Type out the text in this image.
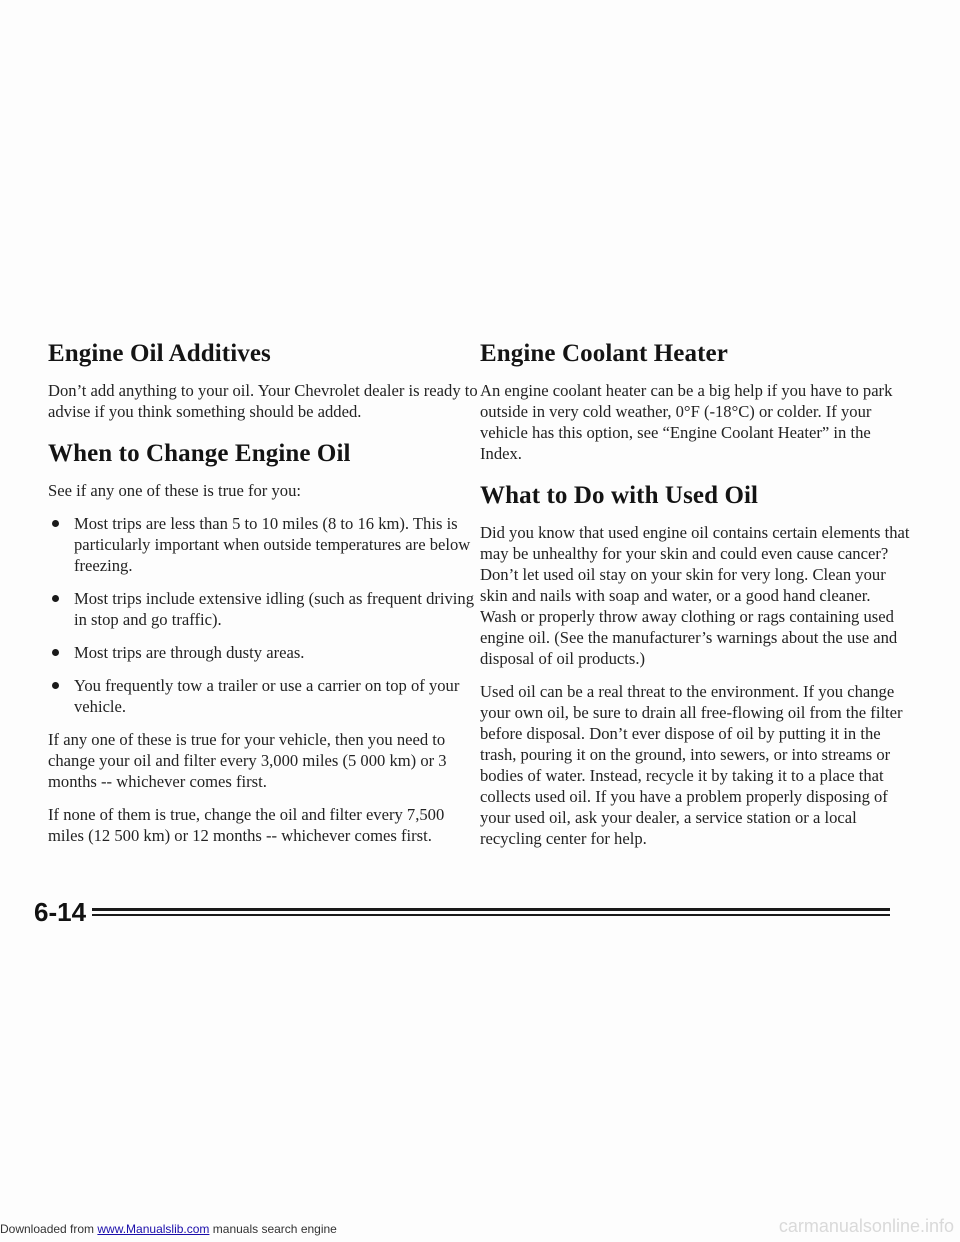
Engine Oil Additives

Don’t add anything to your oil. Your Chevrolet dealer is ready to advise if you think something should be added.

When to Change Engine Oil

See if any one of these is true for you:

Most trips are less than 5 to 10 miles (8 to 16 km). This is particularly important when outside temperatures are below freezing.
Most trips include extensive idling (such as frequent driving in stop and go traffic).
Most trips are through dusty areas.
You frequently tow a trailer or use a carrier on top of your vehicle.

If any one of these is true for your vehicle, then you need to change your oil and filter every 3,000 miles (5 000 km) or 3 months -- whichever comes first.

If none of them is true, change the oil and filter every 7,500 miles (12 500 km) or 12 months -- whichever comes first.

Engine Coolant Heater

An engine coolant heater can be a big help if you have to park outside in very cold weather, 0°F (-18°C) or colder. If your vehicle has this option, see “Engine Coolant Heater” in the Index.

What to Do with Used Oil

Did you know that used engine oil contains certain elements that may be unhealthy for your skin and could even cause cancer? Don’t let used oil stay on your skin for very long. Clean your skin and nails with soap and water, or a good hand cleaner. Wash or properly throw away clothing or rags containing used engine oil. (See the manufacturer’s warnings about the use and disposal of oil products.)

Used oil can be a real threat to the environment. If you change your own oil, be sure to drain all free-flowing oil from the filter before disposal. Don’t ever dispose of oil by putting it in the trash, pouring it on the ground, into sewers, or into streams or bodies of water. Instead, recycle it by taking it to a place that collects used oil. If you have a problem properly disposing of your used oil, ask your dealer, a service station or a local recycling center for help.

6-14
Downloaded from www.Manualslib.com manuals search engine	carmanualsonline.info
